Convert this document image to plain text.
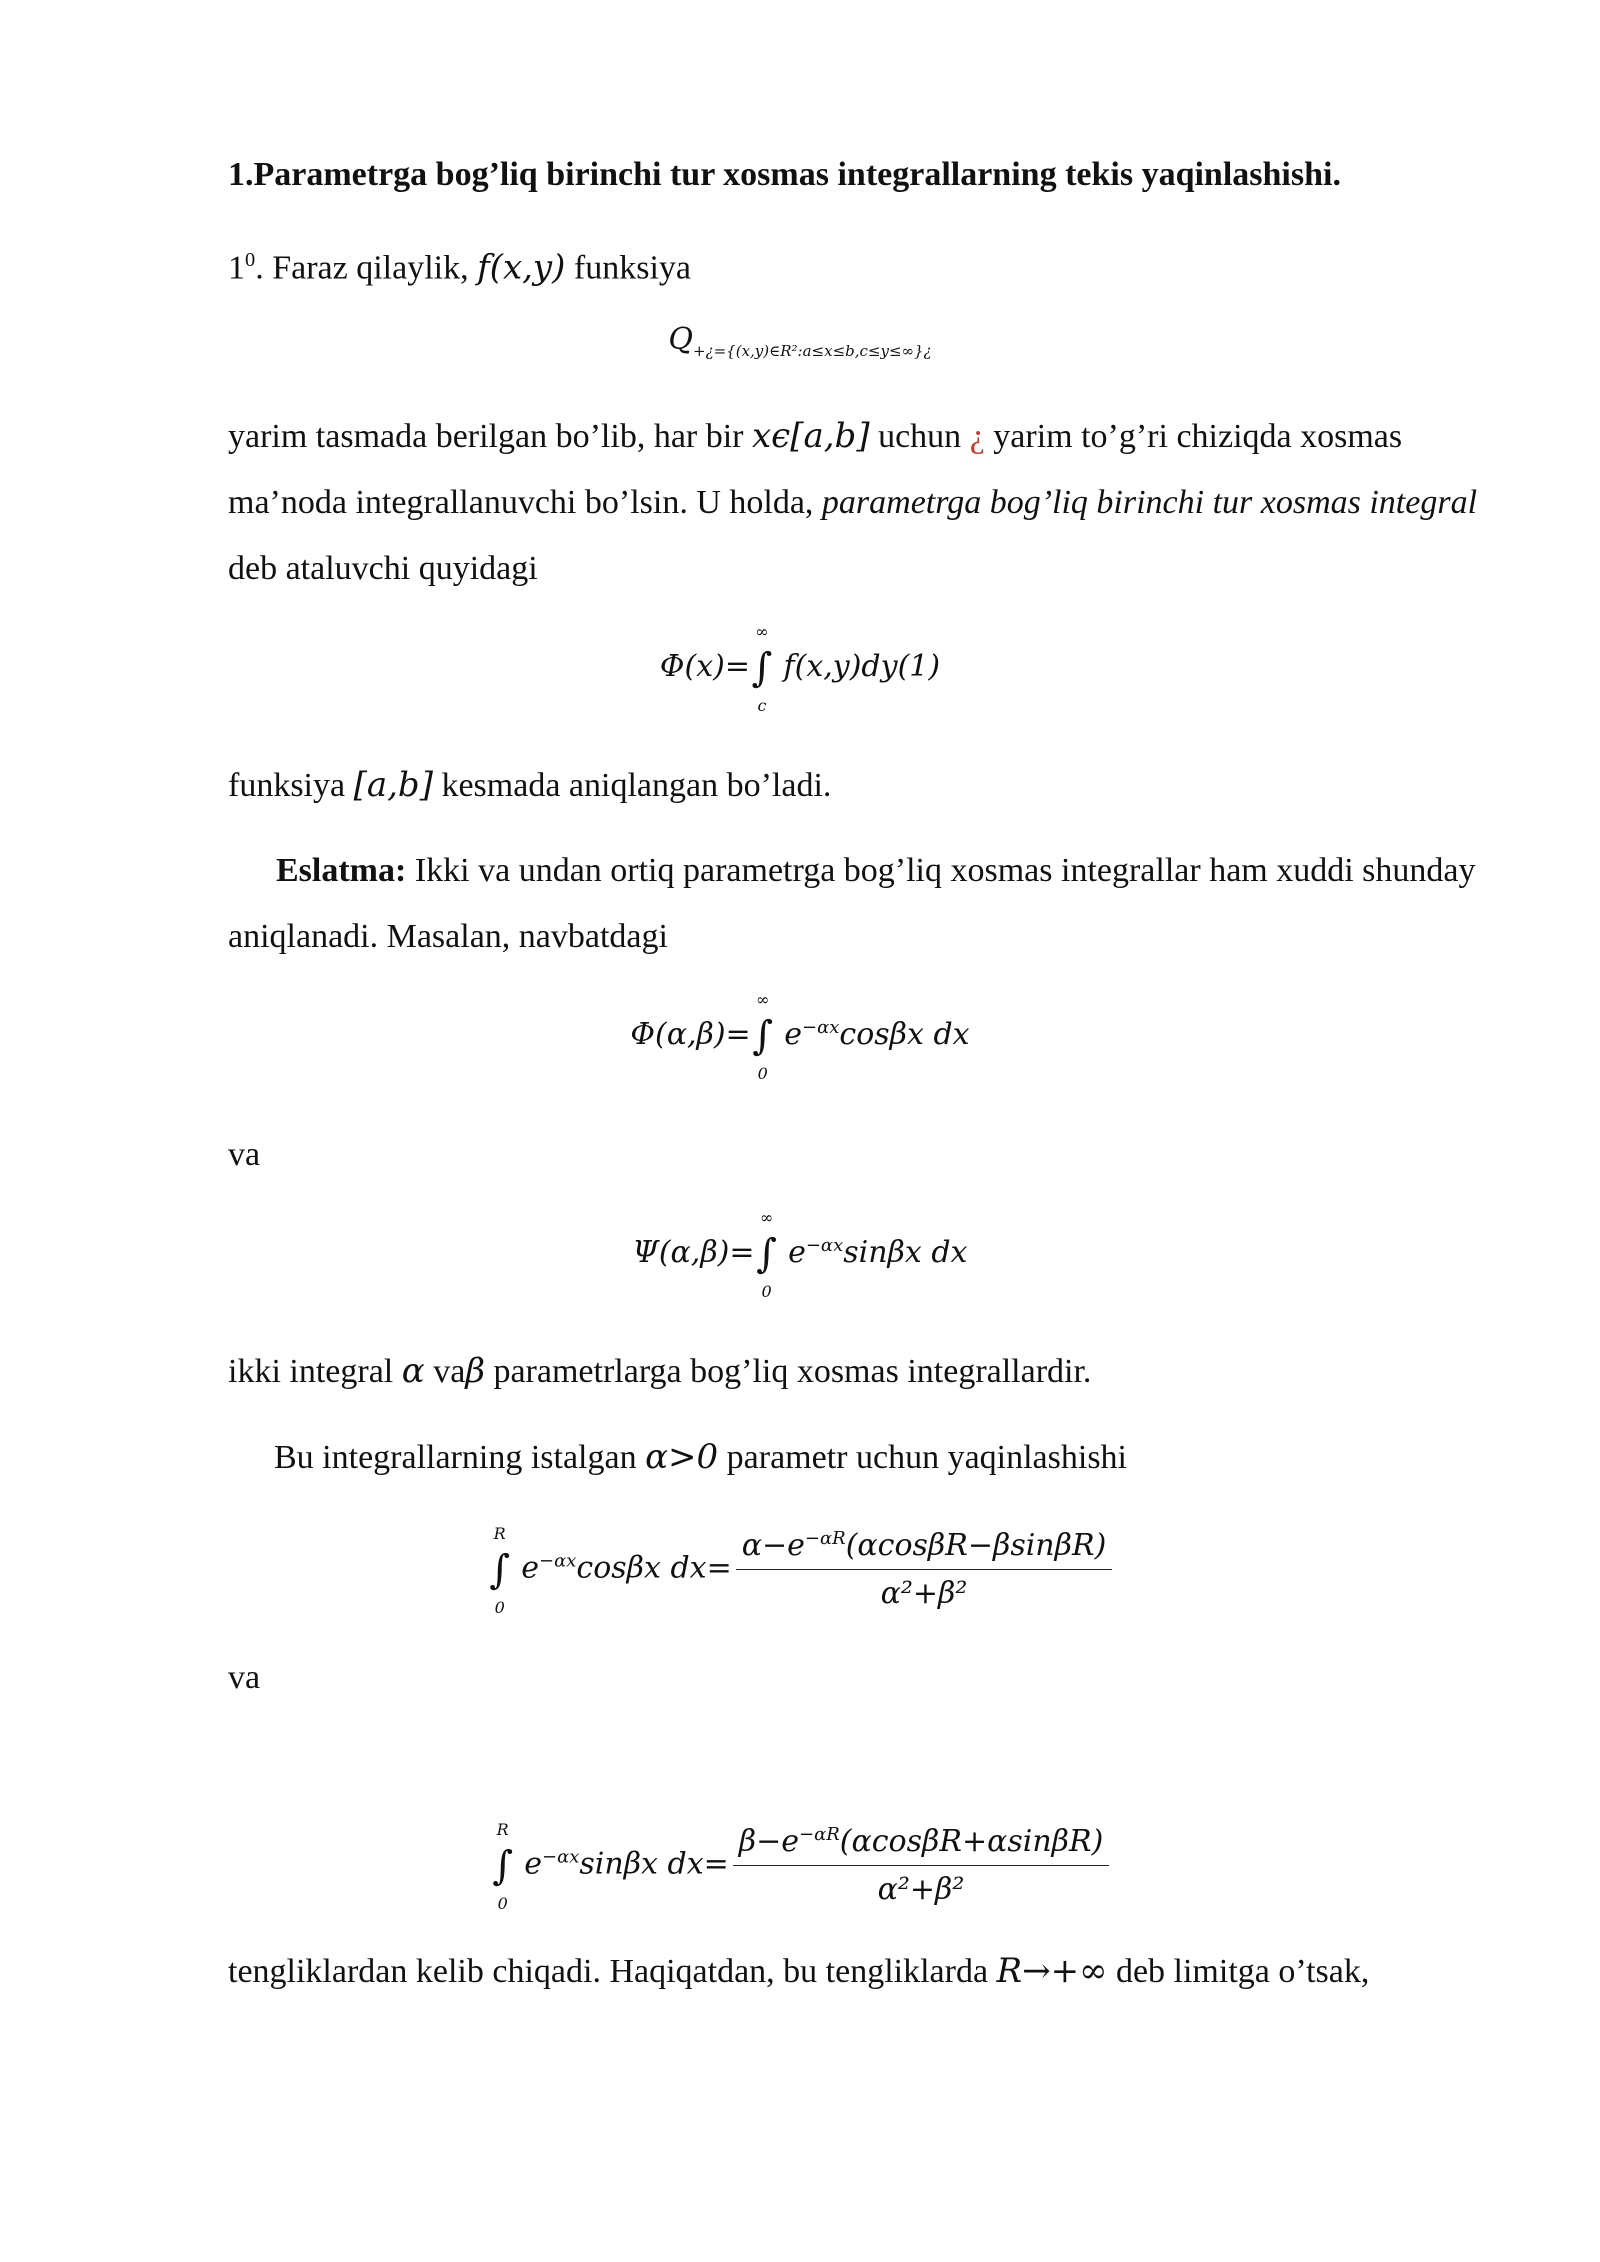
1.Parametrga bog’liq birinchi tur xosmas integrallarning tekis yaqinlashishi.
$1^0$. Faraz qilaylik, f(x,y) funksiya
$Q_{+¿=\{(x,y)\in R^2:a\le x\le b,c\le y\le\infty\}¿}$
yarim tasmada berilgan bo’lib, har bir xϵ[a,b] uchun ¿ yarim to’g’ri chiziqda xosmas ma’noda integrallanuvchi bo’lsin. U holda, parametrga bog’liq birinchi tur xosmas integral deb ataluvchi quyidagi
Φ(x)=∫
∞
c
f(x,y)dy(1)
funksiya [a,b] kesmada aniqlangan bo’ladi.
Eslatma: Ikki va undan ortiq parametrga bog’liq xosmas integrallar ham xuddi shunday aniqlanadi. Masalan, navbatdagi
Φ(α,β)=∫
∞
0
$e^{-\alpha x}\cos\beta x$ dx
va
Ψ(α,β)=∫
∞
0
$e^{-\alpha x}\sin\beta x$ dx
ikki integral α vaβ parametrlarga bog’liq xosmas integrallardir.
Bu integrallarning istalgan α>0 parametr uchun yaqinlashishi
∫
R
0
$e^{-\alpha x}\cos\beta x$ $dx= \frac{\alpha-e^{-\alpha R}(\alpha\cos\beta R-\beta\sin\beta R)}{\text{α²+β²}}$
va
∫
R
0
$e^{-\alpha x}\sin\beta x$ $dx= \frac{\beta-e^{-\alpha R}(\alpha\cos\beta R+\alpha\sin\beta R)}{\text{α²+β²}}$
tengliklardan kelib chiqadi. Haqiqatdan, bu tengliklarda R→+∞ deb limitga o’tsak,
